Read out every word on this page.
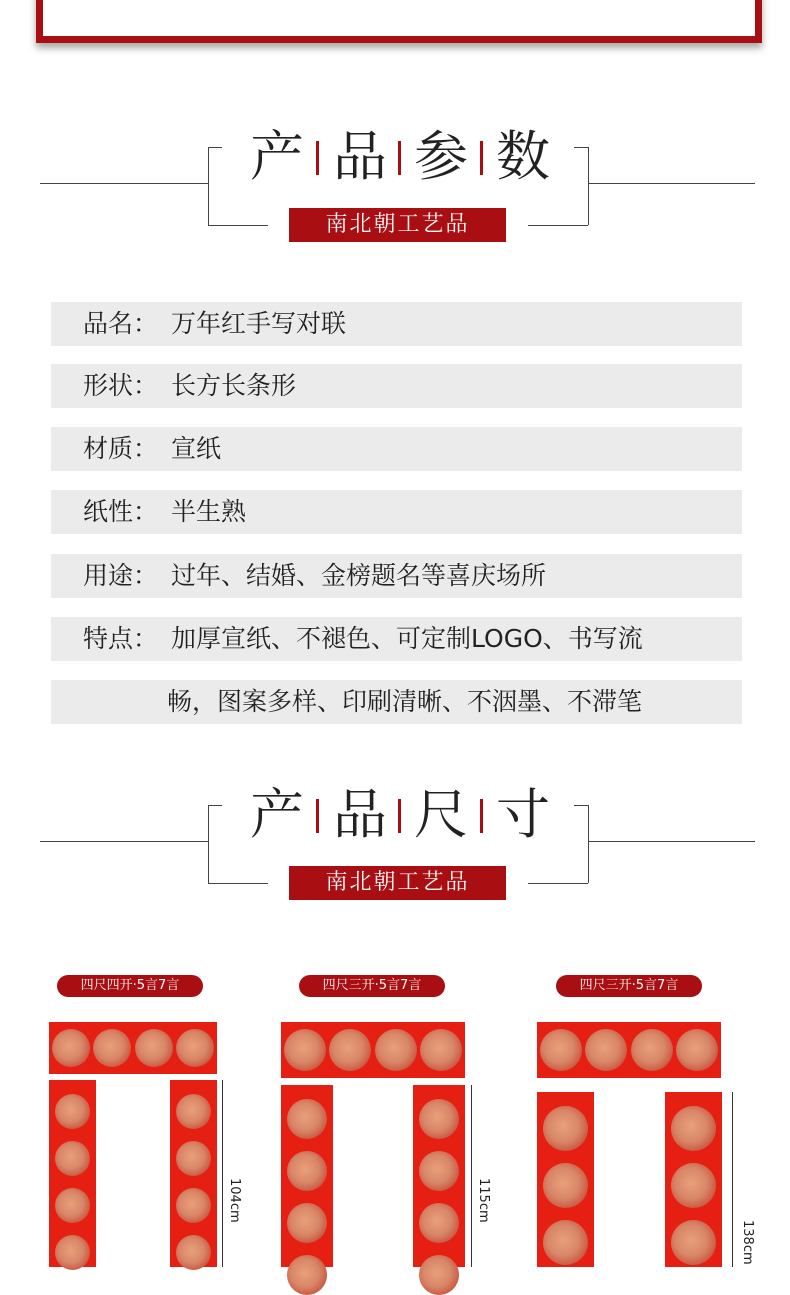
产 品 参 数
南北朝工艺品
品名： 万年红手写对联
形状： 长方长条形
材质： 宣纸
纸性： 半生熟
用途： 过年、结婚、金榜题名等喜庆场所
特点： 加厚宣纸、不褪色、可定制LOGO、书写流
畅，图案多样、印刷清晰、不洇墨、不滞笔
产 品 尺 寸
南北朝工艺品
四尺四开·5言7言	四尺三开·5言7言	四尺三开·5言7言
104cm	115cm
138cm
